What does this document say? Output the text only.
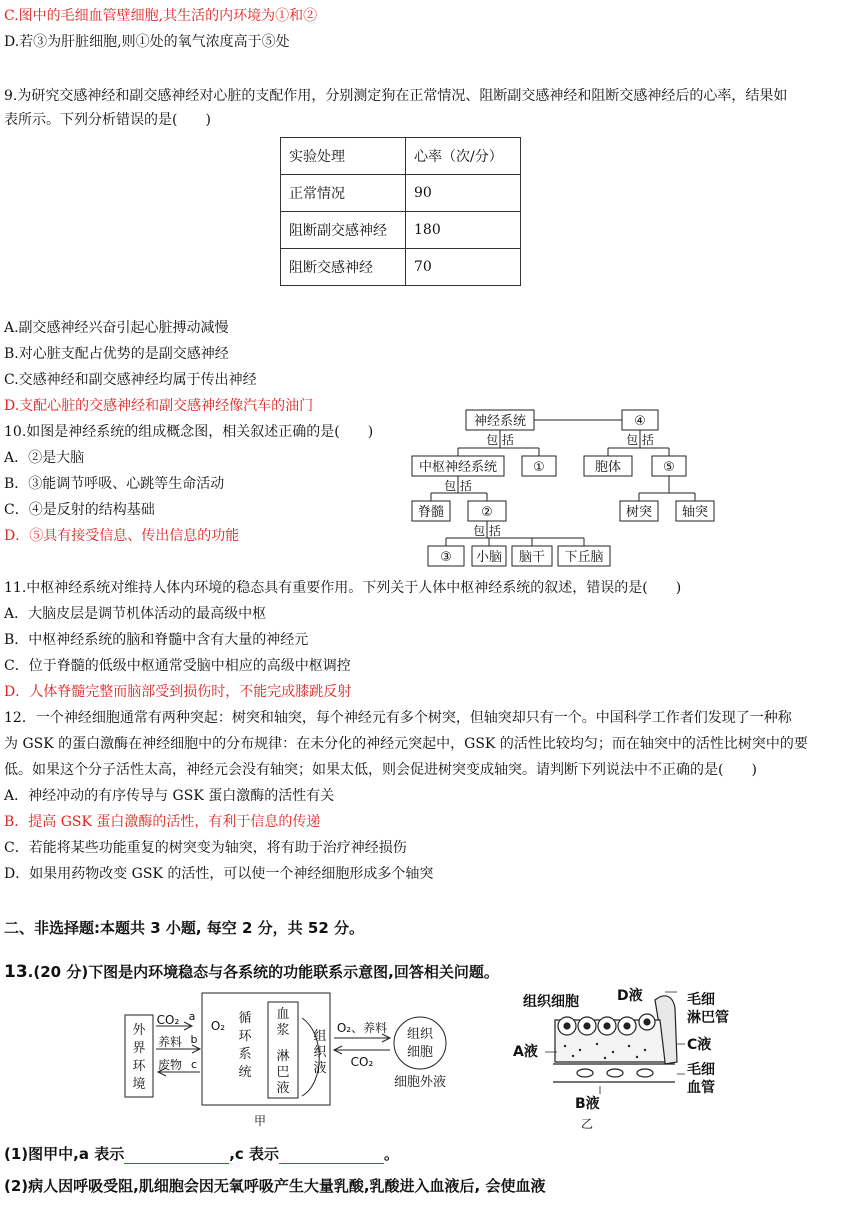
C.图中的毛细血管壁细胞,其生活的内环境为①和②
D.若③为肝脏细胞,则①处的氧气浓度高于⑤处
9.为研究交感神经和副交感神经对心脏的支配作用，分别测定狗在正常情况、阻断副交感神经和阻断交感神经后的心率，结果如
表所示。下列分析错误的是(　　)
实验处理	心率（次/分）
正常情况	90
阻断副交感神经	180
阻断交感神经	70
A.副交感神经兴奋引起心脏搏动减慢
B.对心脏支配占优势的是副交感神经
C.交感神经和副交感神经均属于传出神经
D.支配心脏的交感神经和副交感神经像汽车的油门
10.如图是神经系统的组成概念图，相关叙述正确的是(　　)
A．②是大脑
B．③能调节呼吸、心跳等生命活动
C．④是反射的结构基础
D．⑤具有接受信息、传出信息的功能
神经系统	④
包 括	包 括
中枢神经系统	①	胞体	⑤
包 括
脊髓	②	树突 轴突
包 括
③ 小脑 脑干 下丘脑
11.中枢神经系统对维持人体内环境的稳态具有重要作用。下列关于人体中枢神经系统的叙述，错误的是(　　)
A．大脑皮层是调节机体活动的最高级中枢
B．中枢神经系统的脑和脊髓中含有大量的神经元
C．位于脊髓的低级中枢通常受脑中相应的高级中枢调控
D．人体脊髓完整而脑部受到损伤时，不能完成膝跳反射
12．一个神经细胞通常有两种突起：树突和轴突，每个神经元有多个树突，但轴突却只有一个。中国科学工作者们发现了一种称
为 GSK 的蛋白激酶在神经细胞中的分布规律：在未分化的神经元突起中，GSK 的活性比较均匀；而在轴突中的活性比树突中的要
低。如果这个分子活性太高，神经元会没有轴突；如果太低，则会促进树突变成轴突。请判断下列说法中不正确的是(　　)
A．神经冲动的有序传导与 GSK 蛋白激酶的活性有关
B．提高 GSK 蛋白激酶的活性，有利于信息的传递
C．若能将某些功能重复的树突变为轴突，将有助于治疗神经损伤
D．如果用药物改变 GSK 的活性，可以使一个神经细胞形成多个轴突
二、非选择题:本题共 3 小题, 每空 2 分，共 52 分。
13.(20 分)下图是内环境稳态与各系统的功能联系示意图,回答相关问题。
外
界
环
境
CO₂ a
O₂
养料 b
废物 c
循
环
系
统
血
浆
淋
巴
液
组
织
液
O₂、养料
CO₂
组织
细胞
细胞外液
甲
组织细胞	D液	毛细
淋巴管
A液	C液
毛细
血管
B液
乙
(1)图甲中,a 表示	,c 表示	。
(2)病人因呼吸受阻,肌细胞会因无氧呼吸产生大量乳酸,乳酸进入血液后, 会使血液
